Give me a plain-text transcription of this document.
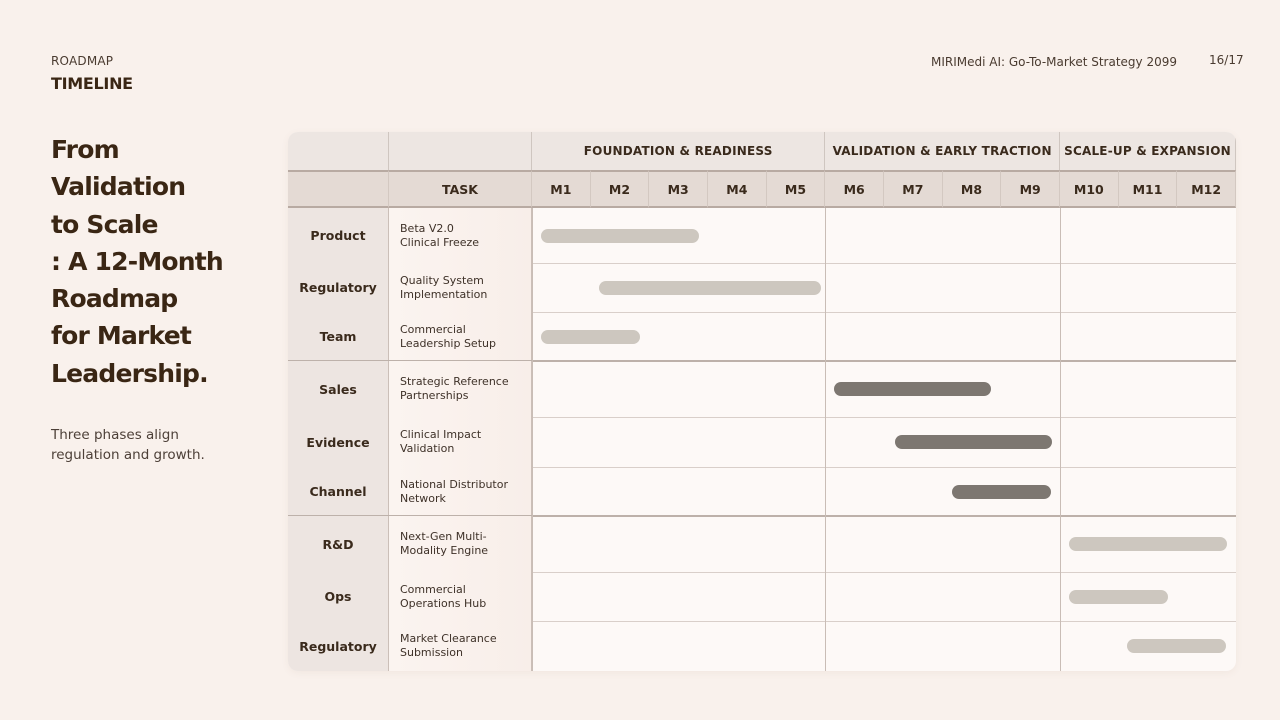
ROADMAP
TIMELINE
MIRIMedi AI: Go-To-Market Strategy 2099	16/17
From
Validation
to Scale
: A 12-Month
Roadmap
for Market
Leadership.
Three phases align regulation and growth.
FOUNDATION & READINESS	VALIDATION & EARLY TRACTION	SCALE-UP & EXPANSION
TASK	M1	M2	M3	M4	M5	M6	M7	M8	M9	M10	M11	M12
Product	Beta V2.0
Clinical Freeze
Regulatory	Quality System
Implementation
Team	Commercial
Leadership Setup
Sales	Strategic Reference
Partnerships
Evidence	Clinical Impact
Validation
Channel	National Distributor
Network
R&D	Next-Gen Multi-
Modality Engine
Ops	Commercial
Operations Hub
Regulatory	Market Clearance
Submission
